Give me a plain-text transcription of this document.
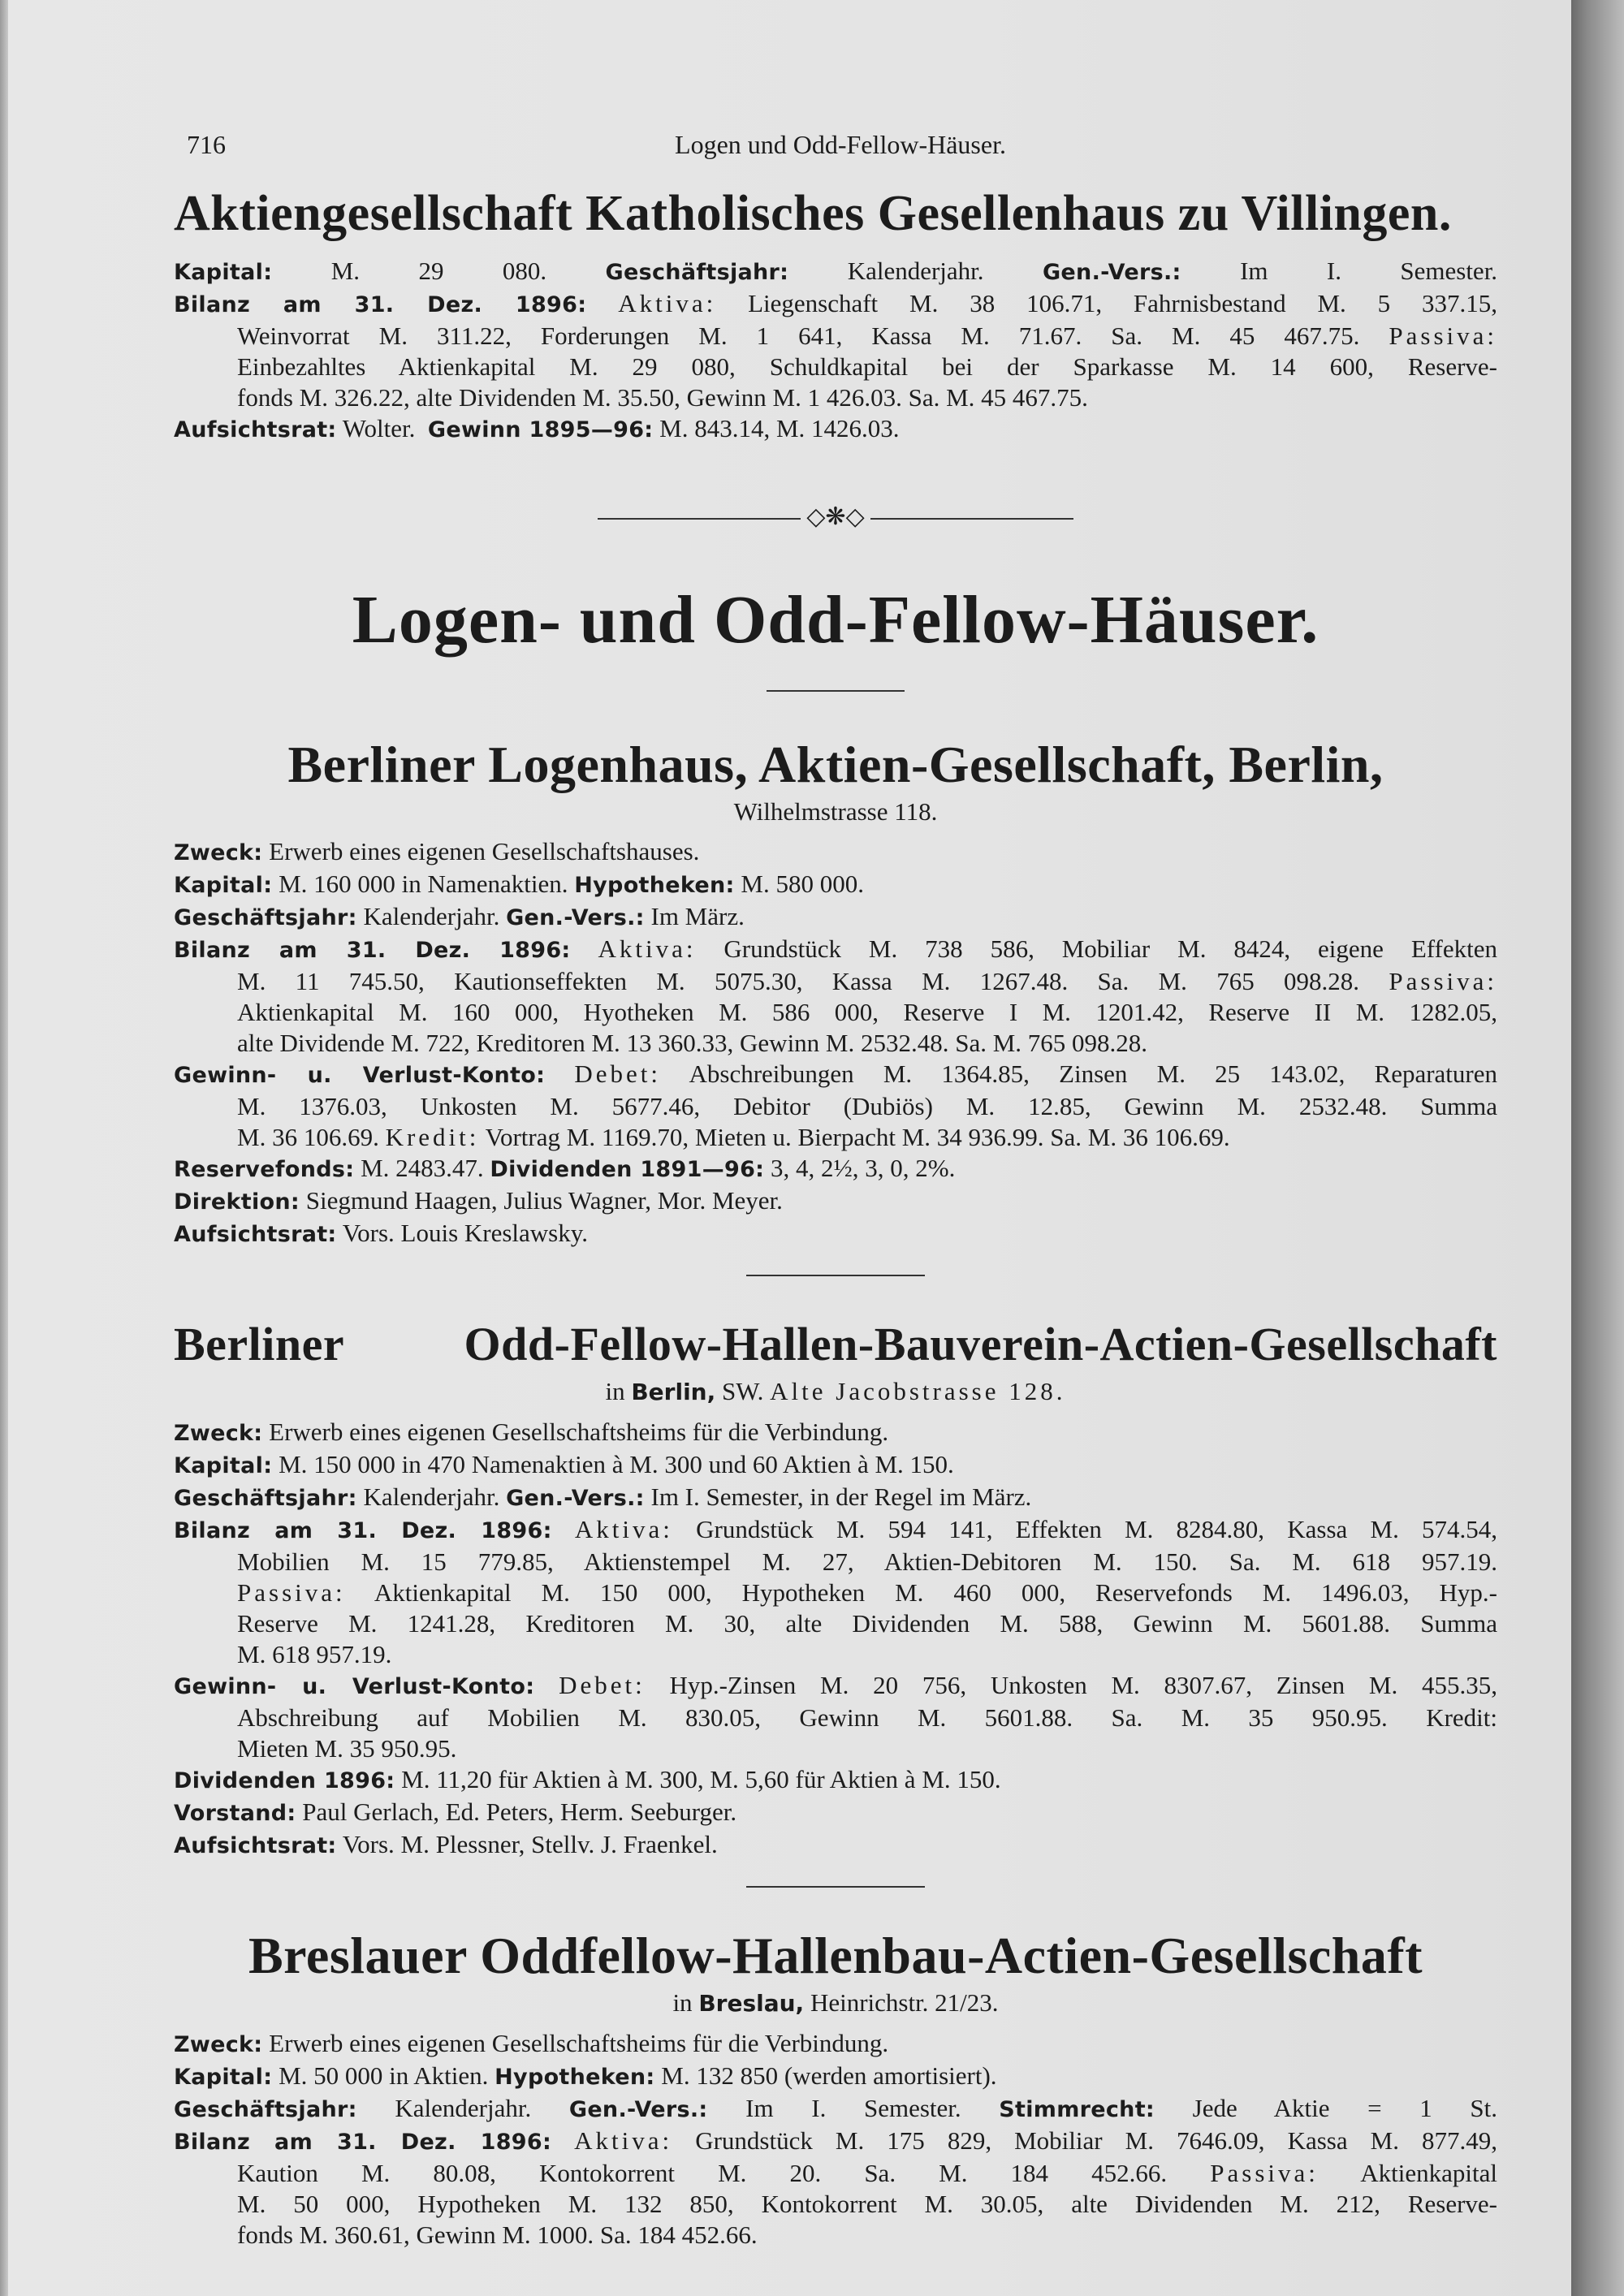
716	Logen und Odd-Fellow-Häuser.
Aktiengesellschaft Katholisches Gesellenhaus zu Villingen.
Kapital: M. 29 080.	Geschäftsjahr: Kalenderjahr.	Gen.-Vers.: Im I. Semester.
Bilanz am 31. Dez. 1896: Aktiva: Liegenschaft M. 38 106.71, Fahrnisbestand M. 5 337.15,
Weinvorrat M. 311.22, Forderungen M. 1 641, Kassa M. 71.67. Sa. M. 45 467.75. Passiva:
Einbezahltes Aktienkapital M. 29 080, Schuldkapital bei der Sparkasse M. 14 600, Reserve-
fonds M. 326.22, alte Dividenden M. 35.50, Gewinn M. 1 426.03. Sa. M. 45 467.75.
Aufsichtsrat: Wolter. Gewinn 1895—96: M. 843.14, M. 1426.03.
◇❋◇
Logen- und Odd-Fellow-Häuser.
Berliner Logenhaus, Aktien-Gesellschaft, Berlin,
Wilhelmstrasse 118.
Zweck: Erwerb eines eigenen Gesellschaftshauses.
Kapital: M. 160 000 in Namenaktien. Hypotheken: M. 580 000.
Geschäftsjahr: Kalenderjahr. Gen.-Vers.: Im März.
Bilanz am 31. Dez. 1896: Aktiva: Grundstück M. 738 586, Mobiliar M. 8424, eigene Effekten
M. 11 745.50, Kautionseffekten M. 5075.30, Kassa M. 1267.48. Sa. M. 765 098.28. Passiva:
Aktienkapital M. 160 000, Hyotheken M. 586 000, Reserve I M. 1201.42, Reserve II M. 1282.05,
alte Dividende M. 722, Kreditoren M. 13 360.33, Gewinn M. 2532.48. Sa. M. 765 098.28.
Gewinn- u. Verlust-Konto: Debet: Abschreibungen M. 1364.85, Zinsen M. 25 143.02, Reparaturen
M. 1376.03, Unkosten M. 5677.46, Debitor (Dubiös) M. 12.85, Gewinn M. 2532.48. Summa
M. 36 106.69. Kredit: Vortrag M. 1169.70, Mieten u. Bierpacht M. 34 936.99. Sa. M. 36 106.69.
Reservefonds: M. 2483.47. Dividenden 1891—96: 3, 4, 2½, 3, 0, 2%.
Direktion: Siegmund Haagen, Julius Wagner, Mor. Meyer.
Aufsichtsrat: Vors. Louis Kreslawsky.
Berliner Odd-Fellow-Hallen-Bauverein-Actien-Gesellschaft
in Berlin, SW. Alte Jacobstrasse 128.
Zweck: Erwerb eines eigenen Gesellschaftsheims für die Verbindung.
Kapital: M. 150 000 in 470 Namenaktien à M. 300 und 60 Aktien à M. 150.
Geschäftsjahr: Kalenderjahr. Gen.-Vers.: Im I. Semester, in der Regel im März.
Bilanz am 31. Dez. 1896: Aktiva: Grundstück M. 594 141, Effekten M. 8284.80, Kassa M. 574.54,
Mobilien M. 15 779.85, Aktienstempel M. 27, Aktien-Debitoren M. 150. Sa. M. 618 957.19.
Passiva: Aktienkapital M. 150 000, Hypotheken M. 460 000, Reservefonds M. 1496.03, Hyp.-
Reserve M. 1241.28, Kreditoren M. 30, alte Dividenden M. 588, Gewinn M. 5601.88. Summa
M. 618 957.19.
Gewinn- u. Verlust-Konto: Debet: Hyp.-Zinsen M. 20 756, Unkosten M. 8307.67, Zinsen M. 455.35,
Abschreibung auf Mobilien M. 830.05, Gewinn M. 5601.88. Sa. M. 35 950.95. Kredit:
Mieten M. 35 950.95.
Dividenden 1896: M. 11,20 für Aktien à M. 300, M. 5,60 für Aktien à M. 150.
Vorstand: Paul Gerlach, Ed. Peters, Herm. Seeburger.
Aufsichtsrat: Vors. M. Plessner, Stellv. J. Fraenkel.
Breslauer Oddfellow-Hallenbau-Actien-Gesellschaft
in Breslau, Heinrichstr. 21/23.
Zweck: Erwerb eines eigenen Gesellschaftsheims für die Verbindung.
Kapital: M. 50 000 in Aktien. Hypotheken: M. 132 850 (werden amortisiert).
Geschäftsjahr: Kalenderjahr. Gen.-Vers.: Im I. Semester. Stimmrecht: Jede Aktie = 1 St.
Bilanz am 31. Dez. 1896: Aktiva: Grundstück M. 175 829, Mobiliar M. 7646.09, Kassa M. 877.49,
Kaution M. 80.08, Kontokorrent M. 20. Sa. M. 184 452.66. Passiva: Aktienkapital
M. 50 000, Hypotheken M. 132 850, Kontokorrent M. 30.05, alte Dividenden M. 212, Reserve-
fonds M. 360.61, Gewinn M. 1000. Sa. 184 452.66.
